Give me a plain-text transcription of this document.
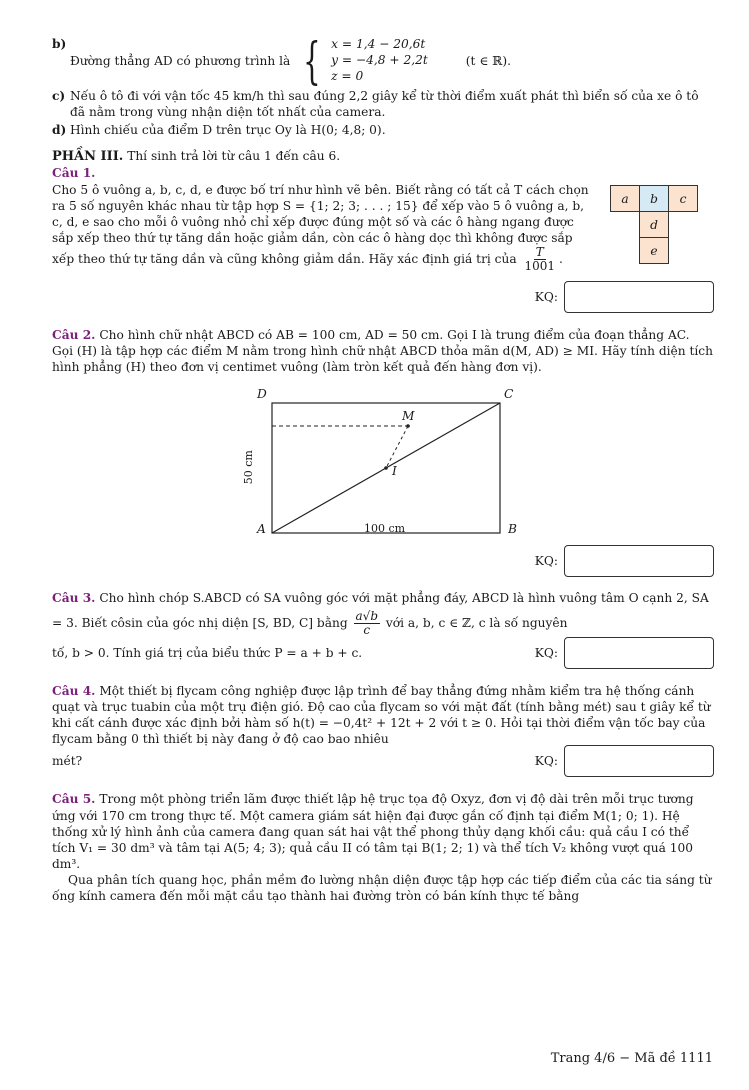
b)
Đường thẳng AD có phương trình là { x = 1,4 − 20,6t
y = −4,8 + 2,2t
z = 0
(t ∈ ℝ).
c) Nếu ô tô đi với vận tốc 45 km/h thì sau đúng 2,2 giây kể từ thời điểm xuất phát thì biển số của xe ô tô đã nằm trong vùng nhận diện tốt nhất của camera.

d) Hình chiếu của điểm D trên trục Oy là H(0; 4,8; 0).

PHẦN III. Thí sinh trả lời từ câu 1 đến câu 6.

Câu 1.
Cho 5 ô vuông a, b, c, d, e được bố trí như hình vẽ bên. Biết rằng có tất cả T cách chọn ra 5 số nguyên khác nhau từ tập hợp S = {1; 2; 3; . . . ; 15} để xếp vào 5 ô vuông a, b, c, d, e sao cho mỗi ô vuông nhỏ chỉ xếp được đúng một số và các ô hàng ngang được sắp xếp theo thứ tự tăng dần hoặc giảm dần, còn các ô hàng dọc thì không được sắp xếp theo thứ tự tăng dần và cũng không giảm dần. Hãy xác định giá trị của $\frac{T}{1001}$ .
a	b	c
d
e
KQ:
Câu 2. Cho hình chữ nhật ABCD có AB = 100 cm, AD = 50 cm. Gọi I là trung điểm của đoạn thẳng AC. Gọi (H) là tập hợp các điểm M nằm trong hình chữ nhật ABCD thỏa mãn d(M, AD) ≥ MI. Hãy tính diện tích hình phẳng (H) theo đơn vị centimet vuông (làm tròn kết quả đến hàng đơn vị).
D	C
A	B
M
I
50 cm
100 cm
KQ:
Câu 3. Cho hình chóp S.ABCD có SA vuông góc với mặt phẳng đáy, ABCD là hình vuông tâm O cạnh 2, SA = 3. Biết côsin của góc nhị diện [S, BD, C] bằng $\frac{a√b}{c}$ với a, b, c ∈ ℤ, c là số nguyên
tố, b > 0. Tính giá trị của biểu thức P = a + b + c.	KQ:
Câu 4. Một thiết bị flycam công nghiệp được lập trình để bay thẳng đứng nhằm kiểm tra hệ thống cánh quạt và trục tuabin của một trụ điện gió. Độ cao của flycam so với mặt đất (tính bằng mét) sau t giây kể từ khi cất cánh được xác định bởi hàm số h(t) = −0,4t² + 12t + 2 với t ≥ 0. Hỏi tại thời điểm vận tốc bay của flycam bằng 0 thì thiết bị này đang ở độ cao bao nhiêu
mét?	KQ:
Câu 5. Trong một phòng triển lãm được thiết lập hệ trục tọa độ Oxyz, đơn vị độ dài trên mỗi trục tương ứng với 170 cm trong thực tế. Một camera giám sát hiện đại được gắn cố định tại điểm M(1; 0; 1). Hệ thống xử lý hình ảnh của camera đang quan sát hai vật thể phong thủy dạng khối cầu: quả cầu I có thể tích V₁ = 30 dm³ và tâm tại A(5; 4; 3); quả cầu II có tâm tại B(1; 2; 1) và thể tích V₂ không vượt quá 100 dm³.

Qua phân tích quang học, phần mềm đo lường nhận diện được tập hợp các tiếp điểm của các tia sáng từ ống kính camera đến mỗi mặt cầu tạo thành hai đường tròn có bán kính thực tế bằng

Trang 4/6 − Mã đề 1111
